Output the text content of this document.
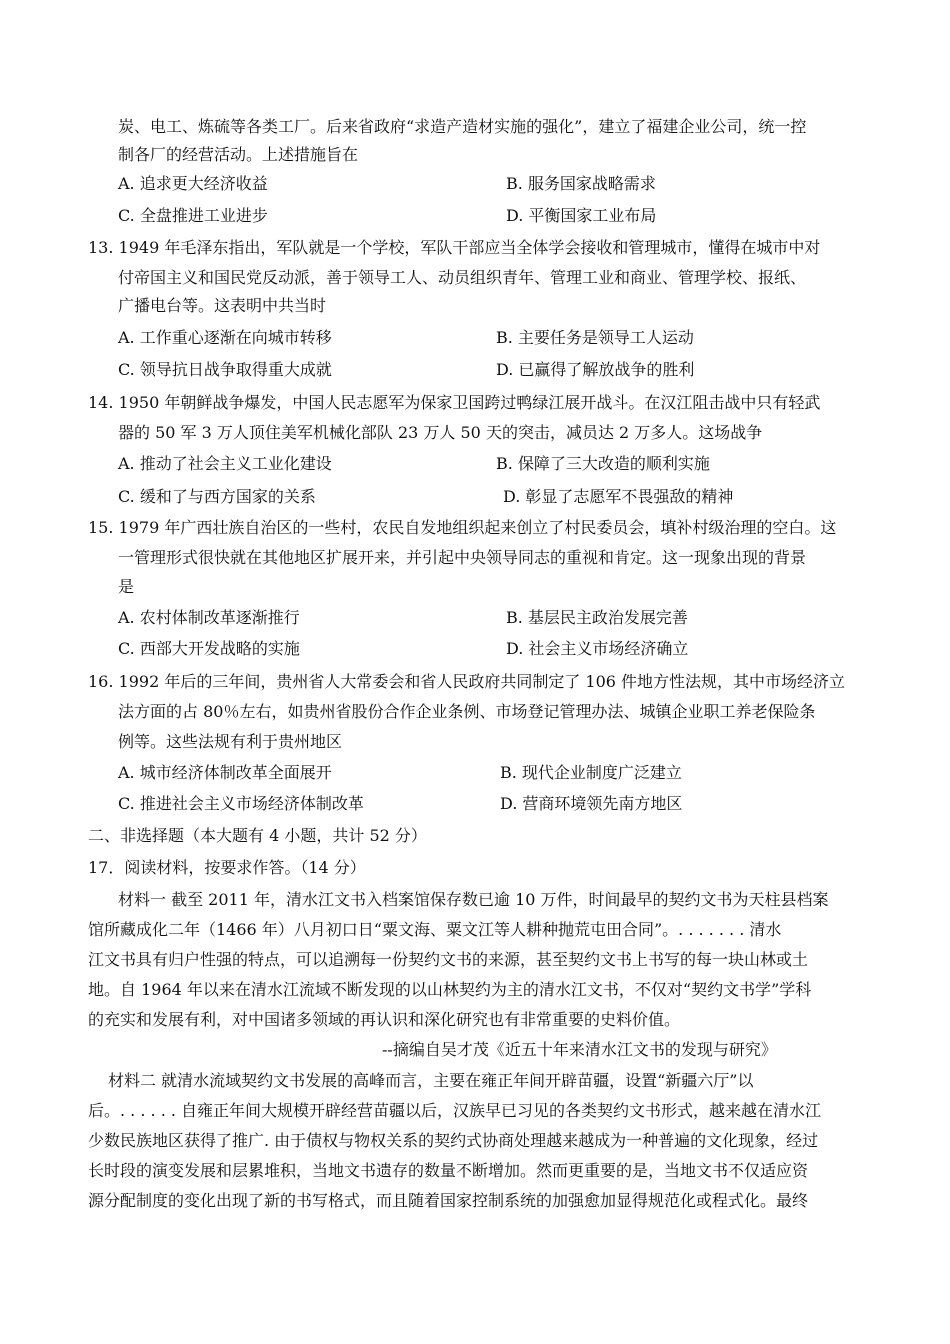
炭、电工、炼硫等各类工厂。后来省政府“求造产造材实施的强化”，建立了福建企业公司，统一控
制各厂的经营活动。上述措施旨在
A. 追求更大经济收益	B. 服务国家战略需求
C. 全盘推进工业进步	D. 平衡国家工业布局
13. 1949 年毛泽东指出，军队就是一个学校，军队干部应当全体学会接收和管理城市，懂得在城市中对
付帝国主义和国民党反动派，善于领导工人、动员组织青年、管理工业和商业、管理学校、报纸、
广播电台等。这表明中共当时
A. 工作重心逐渐在向城市转移	B. 主要任务是领导工人运动
C. 领导抗日战争取得重大成就	D. 已赢得了解放战争的胜利
14. 1950 年朝鲜战争爆发，中国人民志愿军为保家卫国跨过鸭绿江展开战斗。在汉江阻击战中只有轻武
器的 50 军 3 万人顶住美军机械化部队 23 万人 50 天的突击，减员达 2 万多人。这场战争
A. 推动了社会主义工业化建设	B. 保障了三大改造的顺利实施
C. 缓和了与西方国家的关系	D. 彰显了志愿军不畏强敌的精神
15. 1979 年广西壮族自治区的一些村，农民自发地组织起来创立了村民委员会，填补村级治理的空白。这
一管理形式很快就在其他地区扩展开来，并引起中央领导同志的重视和肯定。这一现象出现的背景
是
A. 农村体制改革逐渐推行	B. 基层民主政治发展完善
C. 西部大开发战略的实施	D. 社会主义市场经济确立
16. 1992 年后的三年间，贵州省人大常委会和省人民政府共同制定了 106 件地方性法规，其中市场经济立
法方面的占 80％左右，如贵州省股份合作企业条例、市场登记管理办法、城镇企业职工养老保险条
例等。这些法规有利于贵州地区
A. 城市经济体制改革全面展开	B. 现代企业制度广泛建立
C. 推进社会主义市场经济体制改革	D. 营商环境领先南方地区
二、非选择题（本大题有 4 小题，共计 52 分）
17．阅读材料，按要求作答。（14 分）
材料一 截至 2011 年，清水江文书入档案馆保存数已逾 10 万件，时间最早的契约文书为天柱县档案
馆所藏成化二年（1466 年）八月初口日“粟文海、粟文江等人耕种抛荒屯田合同”。. . . . . . . 清水
江文书具有归户性强的特点，可以追溯每一份契约文书的来源，甚至契约文书上书写的每一块山林或土
地。自 1964 年以来在清水江流域不断发现的以山林契约为主的清水江文书，不仅对“契约文书学”学科
的充实和发展有利，对中国诸多领域的再认识和深化研究也有非常重要的史料价值。
--摘编自吴才茂《近五十年来清水江文书的发现与研究》
材料二 就清水流域契约文书发展的高峰而言，主要在雍正年间开辟苗疆，设置“新疆六厅”以
后。. . . . . . 自雍正年间大规模开辟经营苗疆以后，汉族早已习见的各类契约文书形式，越来越在清水江
少数民族地区获得了推广. 由于债权与物权关系的契约式协商处理越来越成为一种普遍的文化现象，经过
长时段的演变发展和层累堆积，当地文书遗存的数量不断增加。然而更重要的是，当地文书不仅适应资
源分配制度的变化出现了新的书写格式，而且随着国家控制系统的加强愈加显得规范化或程式化。最终
